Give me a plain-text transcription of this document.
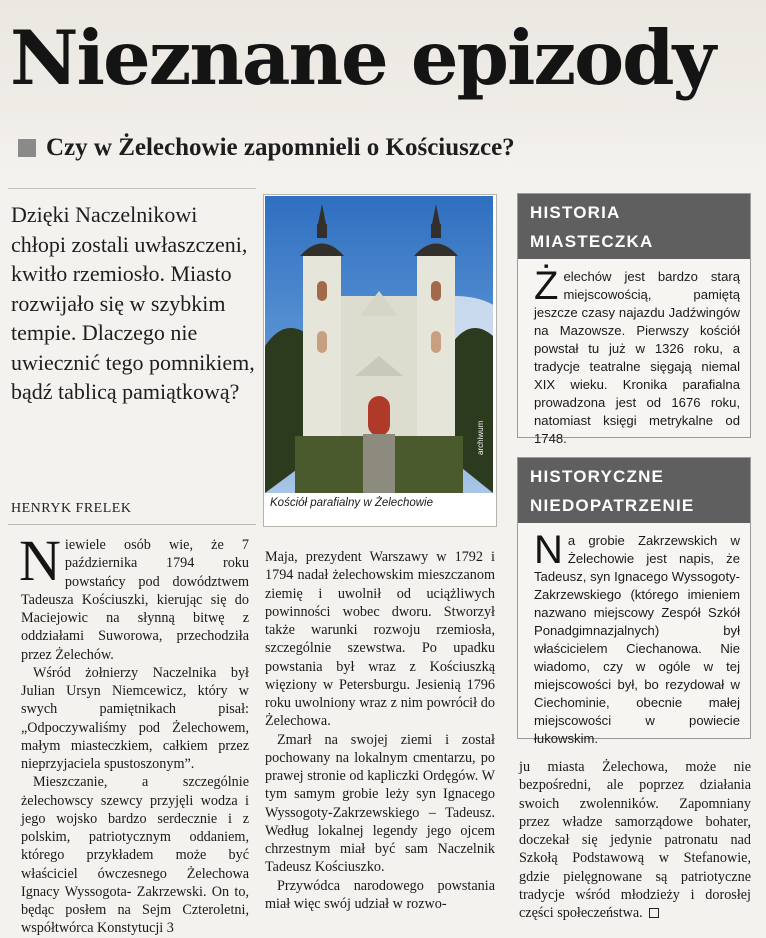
Nieznane epizody
Czy w Żelechowie zapomnieli o Kościuszce?
Dzięki Naczelnikowi chłopi zostali uwłaszczeni, kwitło rzemiosło. Miasto rozwijało się w szybkim tempie. Dlaczego nie uwiecznić tego pomnikiem, bądź tablicą pamiątkową?
HENRYK FRELEK

Niewiele osób wie, że 7 października 1794 roku powstańcy pod dowództwem Tadeusza Kościuszki, kierując się do Maciejowic na słynną bitwę z oddziałami Suworowa, przechodziła przez Żelechów.

Wśród żołnierzy Naczelnika był Julian Ursyn Niemcewicz, który w swych pamiętnikach pisał: „Odpoczywaliśmy pod Żelechowem, małym miasteczkiem, całkiem przez nieprzyjaciela spustoszonym”.

Mieszczanie, a szczególnie żelechowscy szewcy przyjęli wodza i jego wojsko bardzo serdecznie i z polskim, patriotycznym oddaniem, którego przykładem może być właściciel ówczesnego Żelechowa Ignacy Wyssogota- Zakrzewski. On to, będąc posłem na Sejm Czteroletni, współtwórca Konstytucji 3

archiwum
Kościół parafialny w Żelechowie

Maja, prezydent Warszawy w 1792 i 1794 nadał żelechowskim mieszczanom ziemię i uwolnił od uciążliwych powinności wobec dworu. Stworzył także warunki rozwoju rzemiosła, szczególnie szewstwa. Po upadku powstania był wraz z Kościuszką więziony w Petersburgu. Jesienią 1796 roku uwolniony wraz z nim powrócił do Żelechowa.

Zmarł na swojej ziemi i został pochowany na lokalnym cmentarzu, po prawej stronie od kapliczki Ordęgów. W tym samym grobie leży syn Ignacego Wyssogoty-Zakrzewskiego – Tadeusz. Według lokalnej legendy jego ojcem chrzestnym miał być sam Naczelnik Tadeusz Kościuszko.

Przywódca narodowego powstania miał więc swój udział w rozwo-

HISTORIA
MIASTECZKA
Żelechów jest bardzo starą miejscowością, pamiętą jeszcze czasy najazdu Jadźwingów na Mazowsze. Pierwszy kościół powstał tu już w 1326 roku, a tradycje teatralne sięgają niemal XIX wieku. Kronika parafialna prowadzona jest od 1676 roku, natomiast księgi metrykalne od 1748.
HISTORYCZNE
NIEDOPATRZENIE
Na grobie Zakrzewskich w Żelechowie jest napis, że Tadeusz, syn Ignacego Wyssogoty-Zakrzewskiego (którego imieniem nazwano miejscowy Zespół Szkół Ponadgimnazjalnych) był właścicielem Ciechanowa. Nie wiadomo, czy w ogóle w tej miejscowości był, bo rezydował w Ciechominie, obecnie małej miejscowości w powiecie łukowskim.

ju miasta Żelechowa, może nie bezpośredni, ale poprzez działania swoich zwolenników. Zapomniany przez władze samorządowe bohater, doczekał się jedynie patronatu nad Szkołą Podstawową w Stefanowie, gdzie pielęgnowane są patriotyczne tradycje wśród młodzieży i dorosłej części społeczeństwa.
